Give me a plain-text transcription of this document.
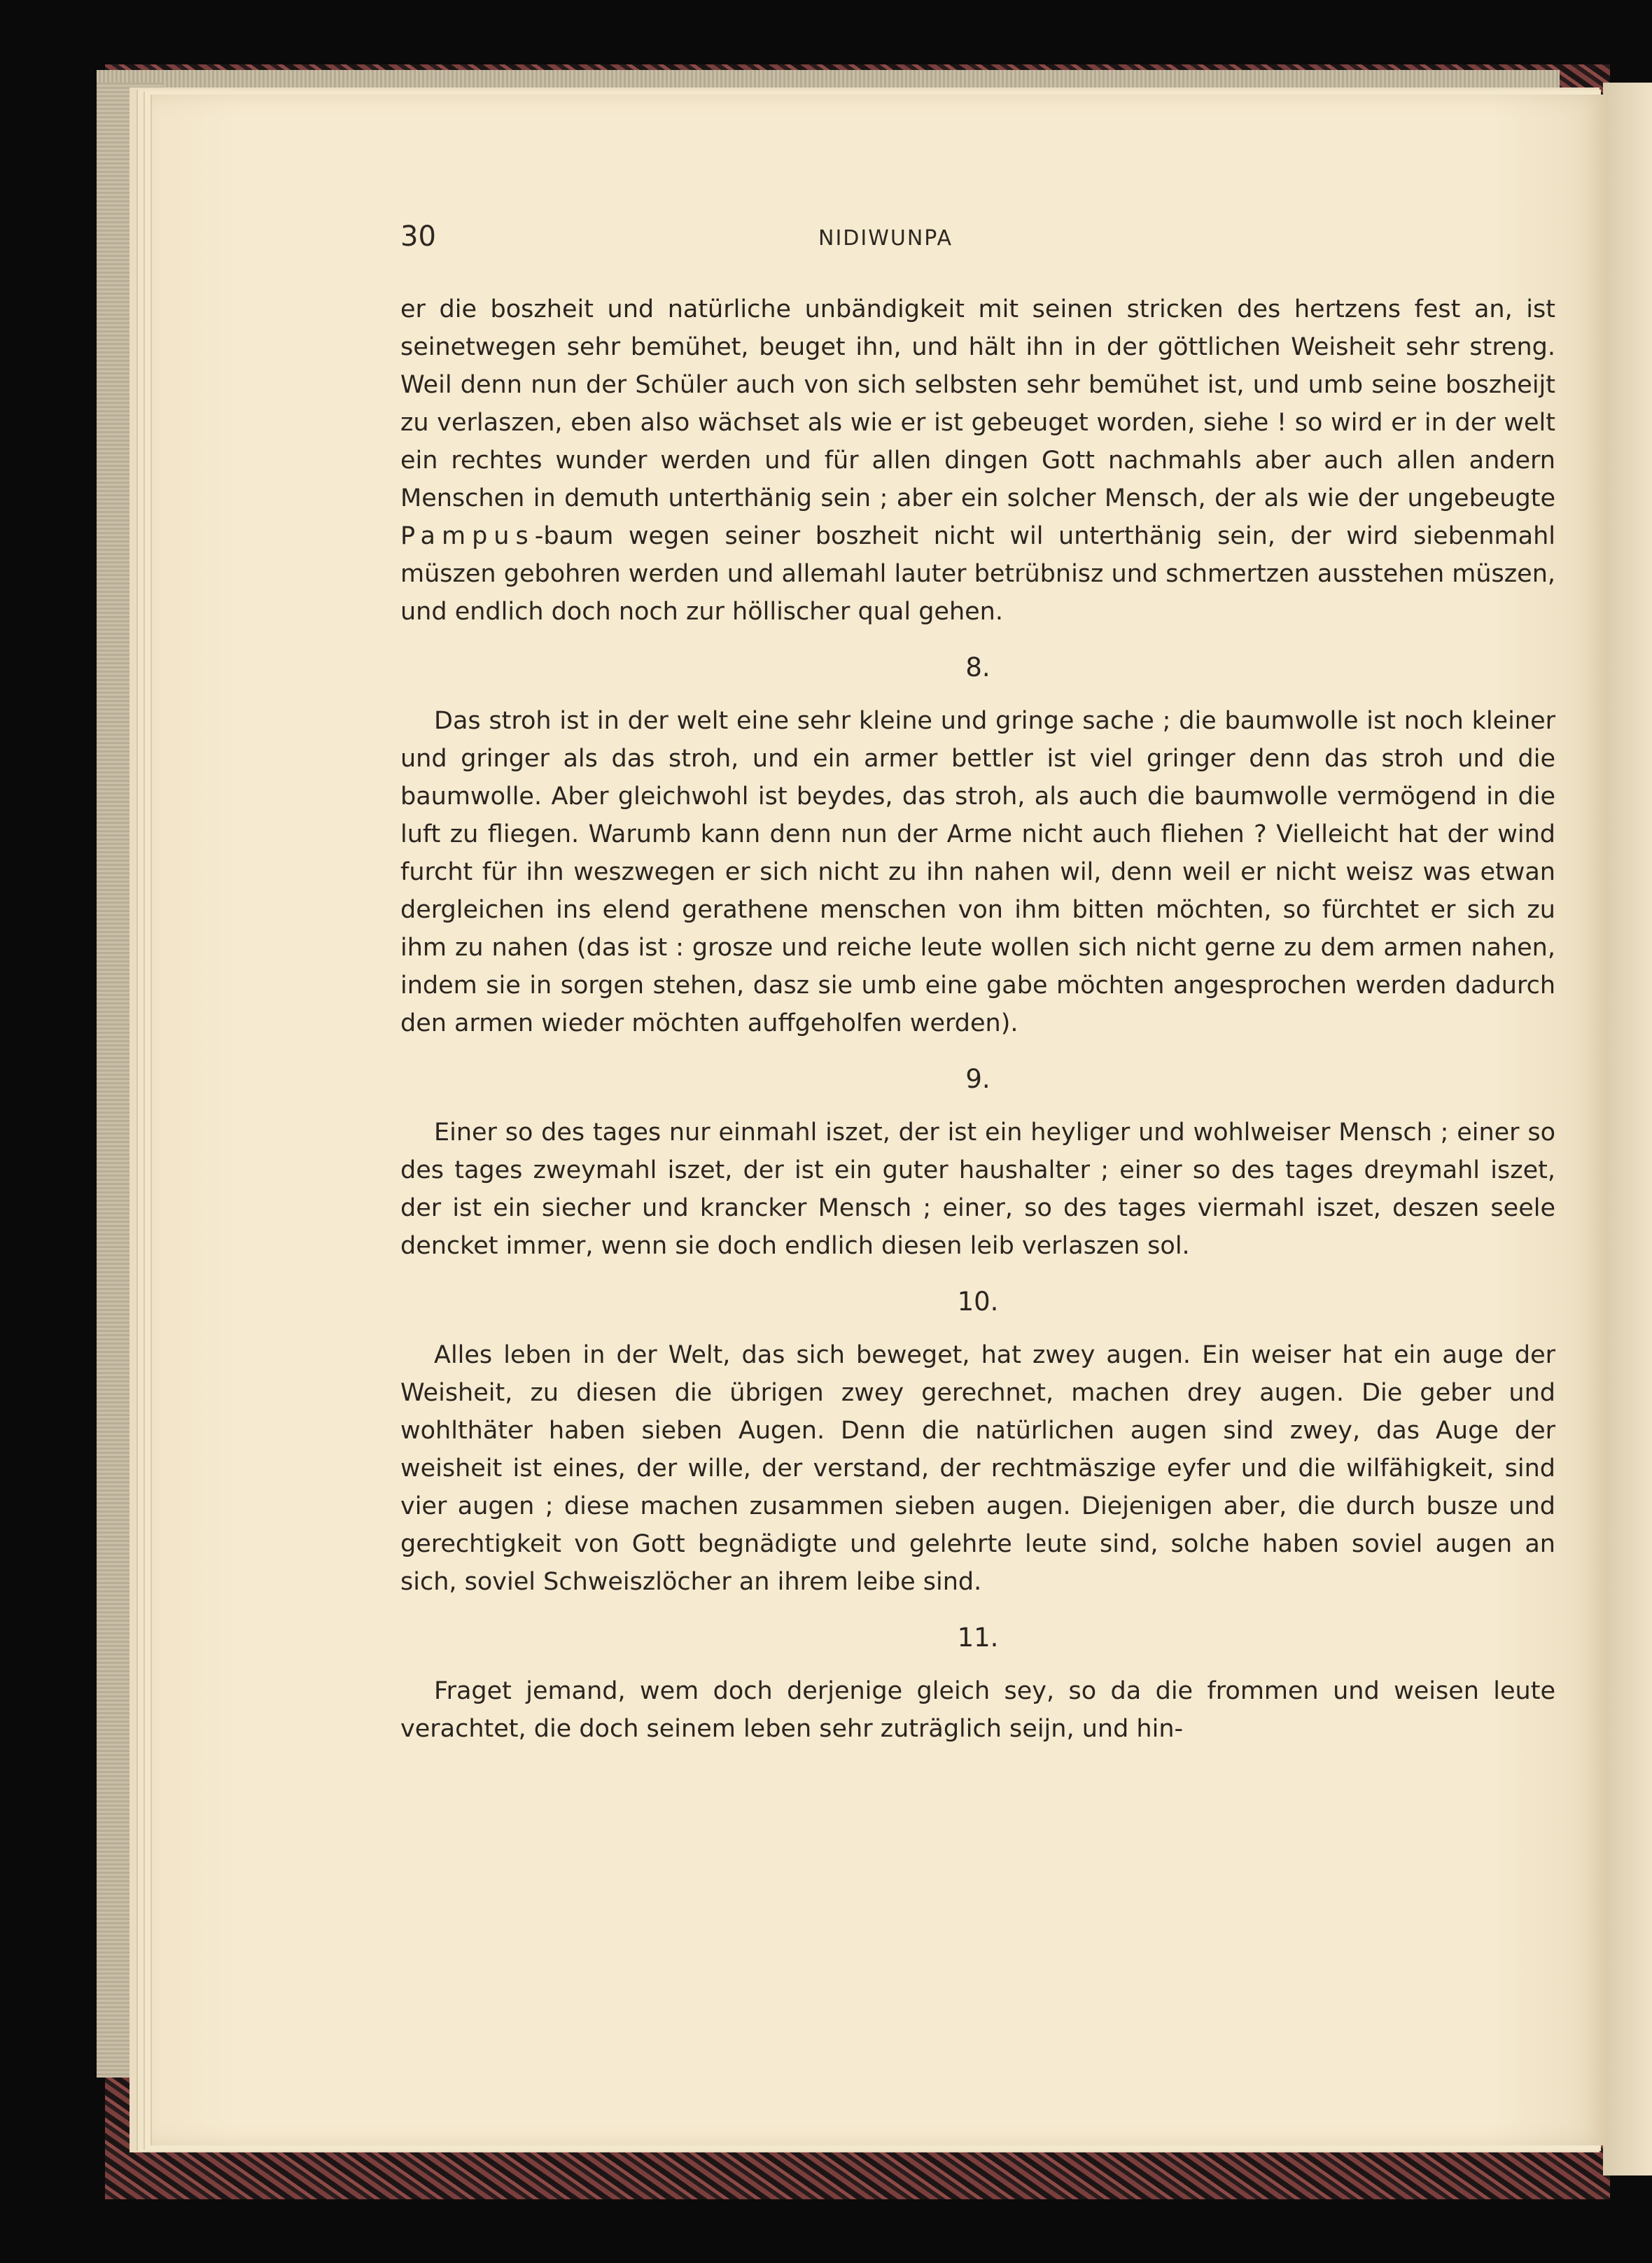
30	NIDIWUNPA

er die boszheit und natürliche unbändigkeit mit seinen stricken des hertzens fest an, ist seinetwegen sehr bemühet, beuget ihn, und hält ihn in der göttlichen Weisheit sehr streng. Weil denn nun der Schüler auch von sich selbsten sehr bemühet ist, und umb seine boszheijt zu verlaszen, eben also wächset als wie er ist gebeuget worden, siehe ! so wird er in der welt ein rechtes wunder werden und für allen dingen Gott nachmahls aber auch allen andern Menschen in demuth unterthänig sein ; aber ein solcher Mensch, der als wie der ungebeugte Pampus-baum wegen seiner boszheit nicht wil unterthänig sein, der wird siebenmahl müszen gebohren werden und allemahl lauter betrübnisz und schmertzen ausstehen müszen, und endlich doch noch zur höllischer qual gehen.

8.

Das stroh ist in der welt eine sehr kleine und gringe sache ; die baumwolle ist noch kleiner und gringer als das stroh, und ein armer bettler ist viel gringer denn das stroh und die baumwolle. Aber gleichwohl ist beydes, das stroh, als auch die baumwolle vermögend in die luft zu fliegen. Warumb kann denn nun der Arme nicht auch fliehen ? Vielleicht hat der wind furcht für ihn weszwegen er sich nicht zu ihn nahen wil, denn weil er nicht weisz was etwan dergleichen ins elend gerathene menschen von ihm bitten möchten, so fürchtet er sich zu ihm zu nahen (das ist : grosze und reiche leute wollen sich nicht gerne zu dem armen nahen, indem sie in sorgen stehen, dasz sie umb eine gabe möchten angesprochen werden dadurch den armen wieder möchten auffgeholfen werden).

9.

Einer so des tages nur einmahl iszet, der ist ein heyliger und wohlweiser Mensch ; einer so des tages zweymahl iszet, der ist ein guter haushalter ; einer so des tages dreymahl iszet, der ist ein siecher und krancker Mensch ; einer, so des tages viermahl iszet, deszen seele dencket immer, wenn sie doch endlich diesen leib verlaszen sol.

10.

Alles leben in der Welt, das sich beweget, hat zwey augen. Ein weiser hat ein auge der Weisheit, zu diesen die übrigen zwey gerechnet, machen drey augen. Die geber und wohlthäter haben sieben Augen. Denn die natürlichen augen sind zwey, das Auge der weisheit ist eines, der wille, der verstand, der rechtmäszige eyfer und die wilfähigkeit, sind vier augen ; diese machen zusammen sieben augen. Diejenigen aber, die durch busze und gerechtigkeit von Gott begnädigte und gelehrte leute sind, solche haben soviel augen an sich, soviel Schweiszlöcher an ihrem leibe sind.

11.

Fraget jemand, wem doch derjenige gleich sey, so da die frommen und weisen leute verachtet, die doch seinem leben sehr zuträglich seijn, und hin-
